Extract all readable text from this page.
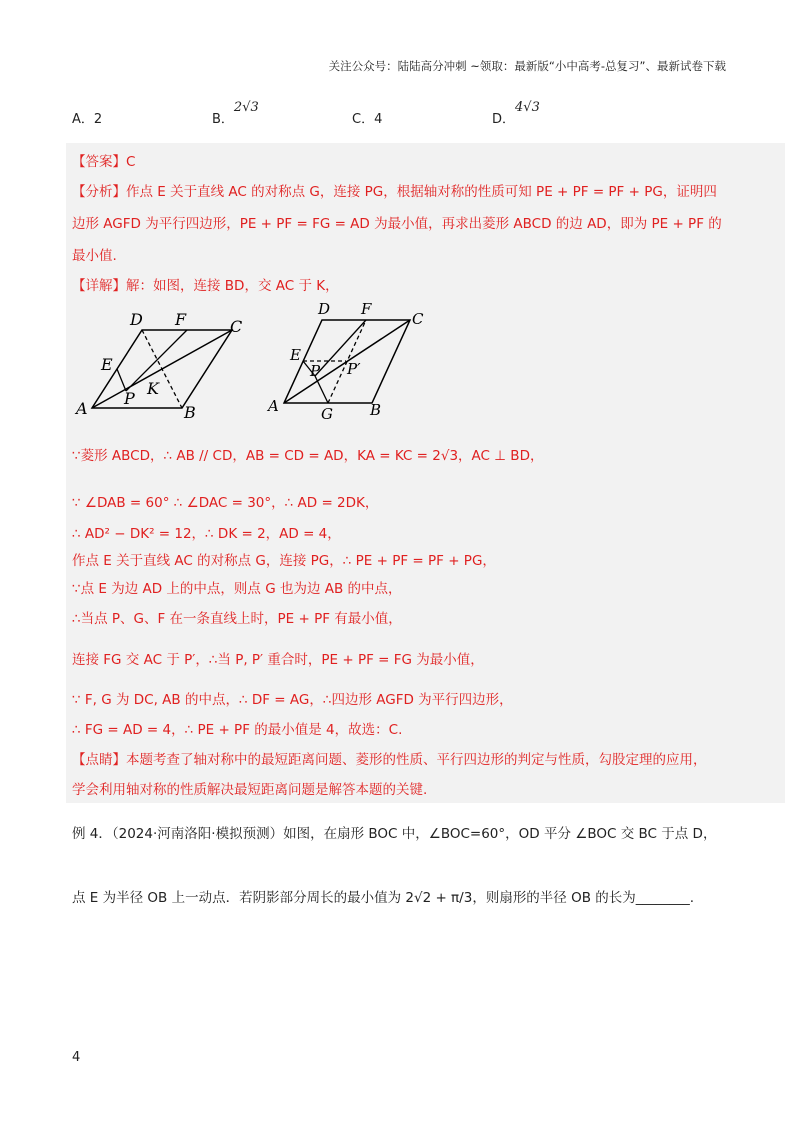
关注公众号：陆陆高分冲刺 ~领取：最新版“小中高考-总复习”、最新试卷下载
A．2	B．2√3
C．4	D．4√3
【答案】C
【分析】作点 E 关于直线 AC 的对称点 G，连接 PG，根据轴对称的性质可知 PE + PF = PF + PG，证明四
边形 AGFD 为平行四边形，PE + PF = FG = AD 为最小值，再求出菱形 ABCD 的边 AD，即为 PE + PF 的
最小值.
【详解】解：如图，连接 BD，交 AC 于 K，
A	B
C
D
E
F
P
K
A	B
C
D
E
F
P P′
G
∵菱形 ABCD，∴ AB // CD，AB = CD = AD，KA = KC = 2√3，AC ⊥ BD，
∵ ∠DAB = 60° ∴ ∠DAC = 30°，∴ AD = 2DK，
∴ AD² − DK² = 12，∴ DK = 2，AD = 4，
作点 E 关于直线 AC 的对称点 G，连接 PG，∴ PE + PF = PF + PG，
∵点 E 为边 AD 上的中点，则点 G 也为边 AB 的中点，
∴当点 P、G、F 在一条直线上时，PE + PF 有最小值，
连接 FG 交 AC 于 P′，∴当 P, P′ 重合时，PE + PF = FG 为最小值，
∵ F, G 为 DC, AB 的中点，∴ DF = AG，∴四边形 AGFD 为平行四边形，
∴ FG = AD = 4，∴ PE + PF 的最小值是 4，故选：C.
【点睛】本题考查了轴对称中的最短距离问题、菱形的性质、平行四边形的判定与性质，勾股定理的应用，
学会利用轴对称的性质解决最短距离问题是解答本题的关键.
例 4．（2024·河南洛阳·模拟预测）如图，在扇形 BOC 中，∠BOC=60°，OD 平分 ∠BOC 交 BC 于点 D，
点 E 为半径 OB 上一动点．若阴影部分周长的最小值为 2√2 + π/3，则扇形的半径 OB 的长为________.
4
